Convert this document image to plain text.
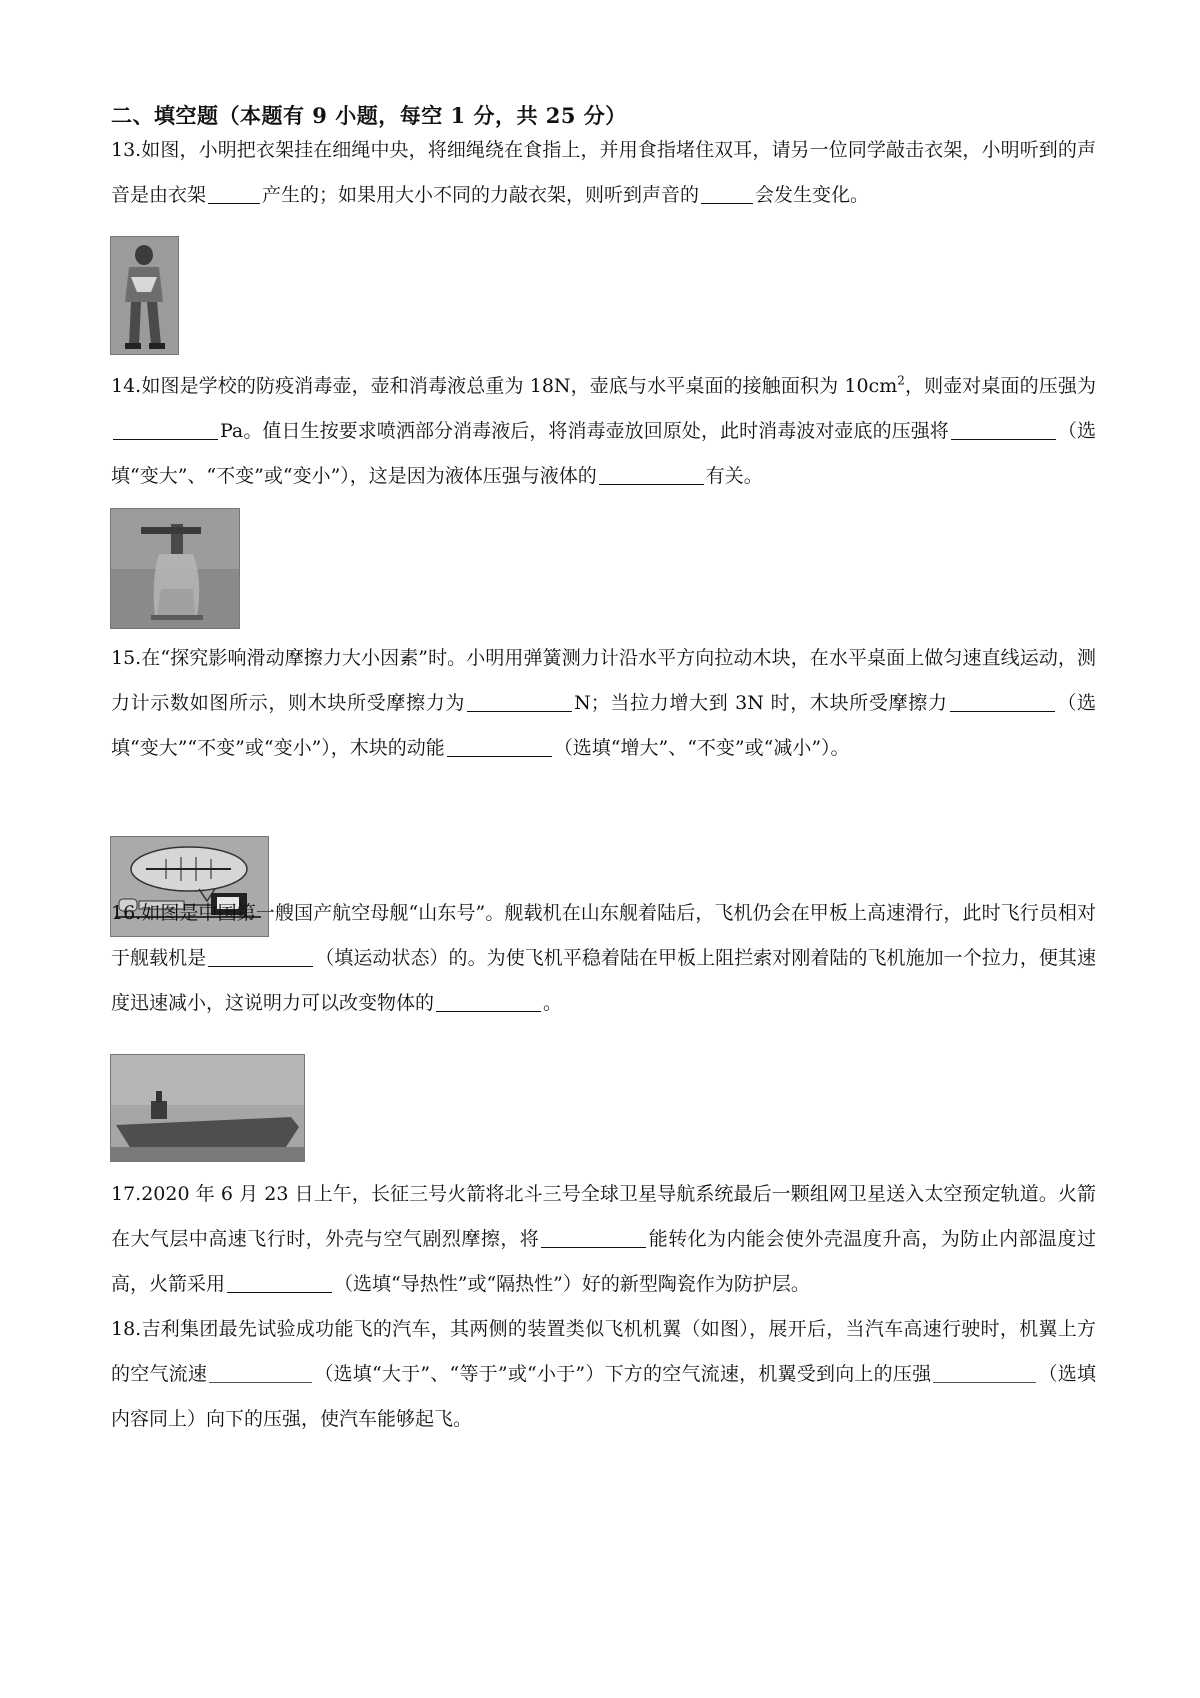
二、填空题（本题有 9 小题，每空 1 分，共 25 分）
13.如图，小明把衣架挂在细绳中央，将细绳绕在食指上，并用食指堵住双耳，请另一位同学敲击衣架，小明听到的声音是由衣架	产生的；如果用大小不同的力敲衣架，则听到声音的	会发生变化。
14.如图是学校的防疫消毒壶，壶和消毒液总重为 18N，壶底与水平桌面的接触面积为 $10cm^2$，则壶对桌面的压强为Pa。值日生按要求喷洒部分消毒液后，将消毒壶放回原处，此时消毒波对壶底的压强将	（选填“变大”、“不变”或“变小”），这是因为液体压强与液体的	有关。
15.在“探究影响滑动摩擦力大小因素”时。小明用弹簧测力计沿水平方向拉动木块，在水平桌面上做匀速直线运动，测力计示数如图所示，则木块所受摩擦力为	N；当拉力增大到 3N 时，木块所受摩擦力	（选填“变大”“不变”或“变小”），木块的动能	（选填“增大”、“不变”或“减小”）。
16.如图是中国第一艘国产航空母舰“山东号”。舰载机在山东舰着陆后，飞机仍会在甲板上高速滑行，此时飞行员相对于舰载机是	（填运动状态）的。为使飞机平稳着陆在甲板上阻拦索对刚着陆的飞机施加一个拉力，便其速度迅速减小，这说明力可以改变物体的	。
17.2020 年 6 月 23 日上午，长征三号火箭将北斗三号全球卫星导航系统最后一颗组网卫星送入太空预定轨道。火箭在大气层中高速飞行时，外壳与空气剧烈摩擦，将	能转化为内能会使外壳温度升高，为防止内部温度过高，火箭采用	（选填“导热性”或“隔热性”）好的新型陶瓷作为防护层。
18.吉利集团最先试验成功能飞的汽车，其两侧的装置类似飞机机翼（如图），展开后，当汽车高速行驶时，机翼上方的空气流速	（选填“大于”、“等于”或“小于”）下方的空气流速，机翼受到向上的压强	（选填内容同上）向下的压强，使汽车能够起飞。
